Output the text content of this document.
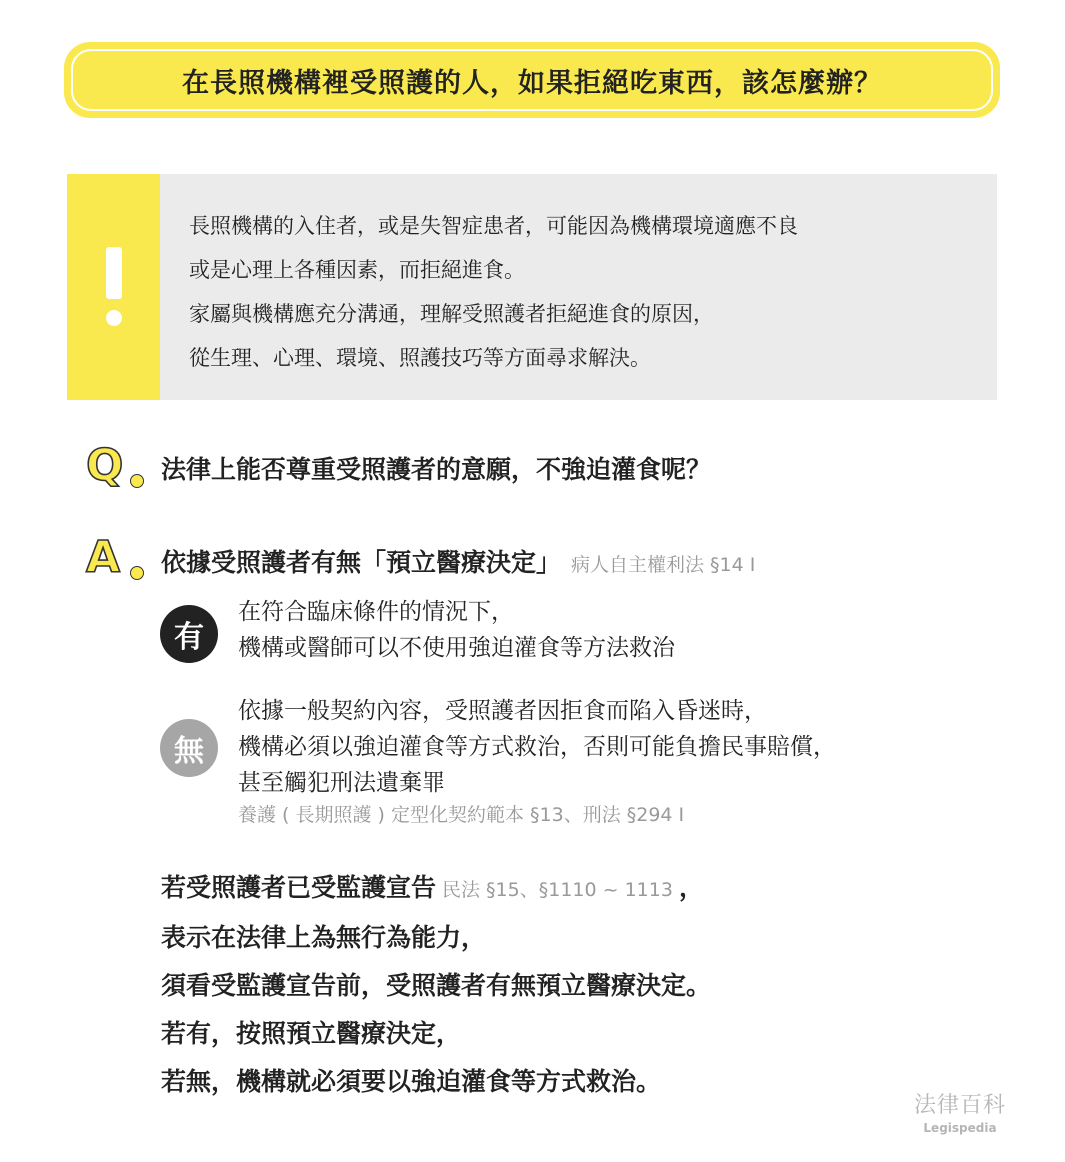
在長照機構裡受照護的人，如果拒絕吃東西，該怎麼辦？
長照機構的入住者，或是失智症患者，可能因為機構環境適應不良
或是心理上各種因素，而拒絕進食。
家屬與機構應充分溝通，理解受照護者拒絕進食的原因，
從生理、心理、環境、照護技巧等方面尋求解決。
Q 法律上能否尊重受照護者的意願，不強迫灌食呢？
A 依據受照護者有無「預立醫療決定」 病人自主權利法 §14 I
有
在符合臨床條件的情況下，
機構或醫師可以不使用強迫灌食等方法救治
無
依據一般契約內容，受照護者因拒食而陷入昏迷時，
機構必須以強迫灌食等方式救治，否則可能負擔民事賠償，
甚至觸犯刑法遺棄罪
養護 ( 長期照護 ) 定型化契約範本 §13、刑法 §294 I
若受照護者已受監護宣告 民法 §15、§1110 ~ 1113 ，
表示在法律上為無行為能力，
須看受監護宣告前，受照護者有無預立醫療決定。
若有，按照預立醫療決定，
若無，機構就必須要以強迫灌食等方式救治。
法律百科
Legispedia
